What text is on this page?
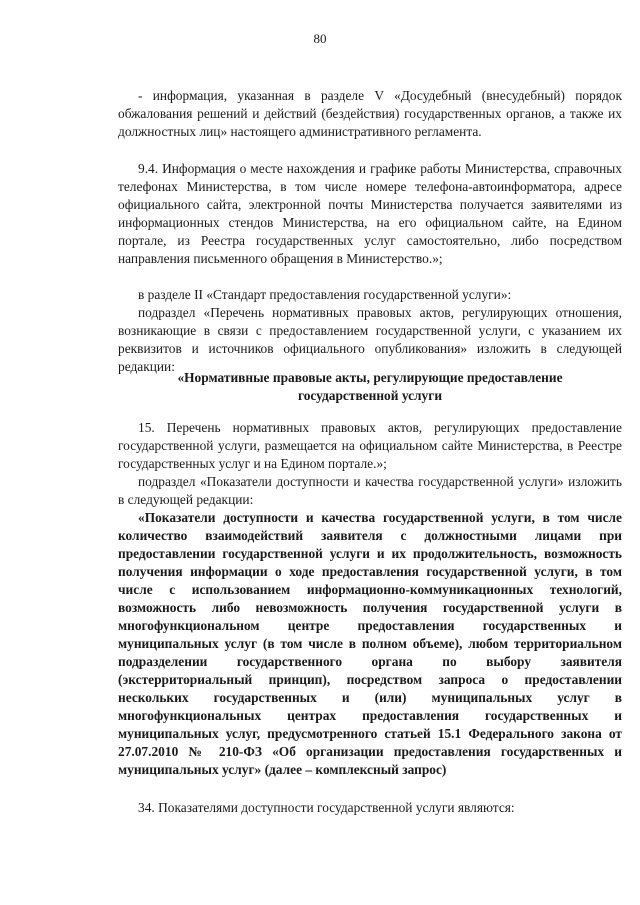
80

- информация, указанная в разделе V «Досудебный (внесудебный) порядок обжалования решений и действий (бездействия) государственных органов, а также их должностных лиц» настоящего административного регламента.

9.4. Информация о месте нахождения и графике работы Министерства, справочных телефонах Министерства, в том числе номере телефона-автоинформатора, адресе официального сайта, электронной почты Министерства получается заявителями из информационных стендов Министерства, на его официальном сайте, на Едином портале, из Реестра государственных услуг самостоятельно, либо посредством направления письменного обращения в Министерство.»;

в разделе II «Стандарт предоставления государственной услуги»:

подраздел «Перечень нормативных правовых актов, регулирующих отношения, возникающие в связи с предоставлением государственной услуги, с указанием их реквизитов и источников официального опубликования» изложить в следующей редакции:

«Нормативные правовые акты, регулирующие предоставление государственной услуги

15. Перечень нормативных правовых актов, регулирующих предоставление государственной услуги, размещается на официальном сайте Министерства, в Реестре государственных услуг и на Едином портале.»;

подраздел «Показатели доступности и качества государственной услуги» изложить в следующей редакции:

«Показатели доступности и качества государственной услуги, в том числе количество взаимодействий заявителя с должностными лицами при предоставлении государственной услуги и их продолжительность, возможность получения информации о ходе предоставления государственной услуги, в том числе с использованием информационно-коммуникационных технологий, возможность либо невозможность получения государственной услуги в многофункциональном центре предоставления государственных и муниципальных услуг (в том числе в полном объеме), любом территориальном подразделении государственного органа по выбору заявителя (экстерриториальный принцип), посредством запроса о предоставлении нескольких государственных и (или) муниципальных услуг в многофункциональных центрах предоставления государственных и муниципальных услуг, предусмотренного статьей 15.1 Федерального закона от 27.07.2010 № 210-ФЗ «Об организации предоставления государственных и муниципальных услуг» (далее – комплексный запрос)

34. Показателями доступности государственной услуги являются:
